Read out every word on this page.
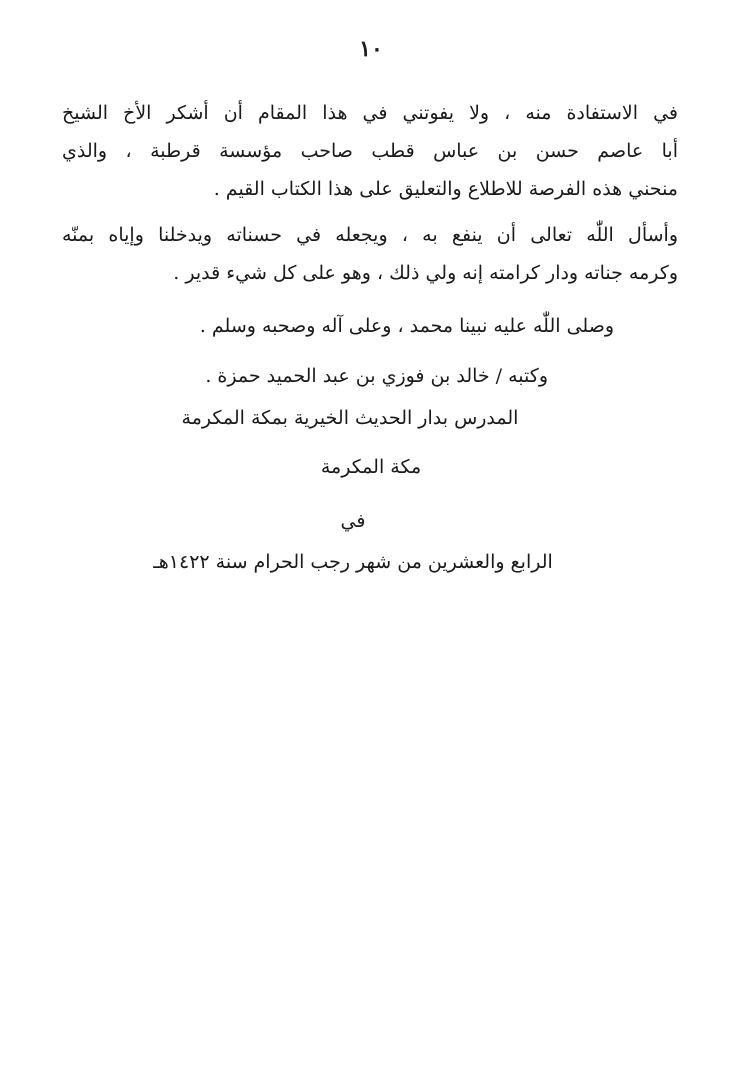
١٠
في الاستفادة منه ، ولا يفوتني في هذا المقام أن أشكر الأخ الشيخ
أبا عاصم حسن بن عباس قطب صاحب مؤسسة قرطبة ، والذي
منحني هذه الفرصة للاطلاع والتعليق على هذا الكتاب القيم .
وأسأل اللّٰه تعالى أن ينفع به ، ويجعله في حسناته ويدخلنا وإياه بمنّه
وكرمه جناته ودار كرامته إنه ولي ذلك ، وهو على كل شيء قدير .
وصلى اللّٰه عليه نبينا محمد ، وعلى آله وصحبه وسلم .
وكتبه / خالد بن فوزي بن عبد الحميد حمزة .
المدرس بدار الحديث الخيرية بمكة المكرمة
مكة المكرمة
في
الرابع والعشرين من شهر رجب الحرام سنة ١٤٢٢هـ
